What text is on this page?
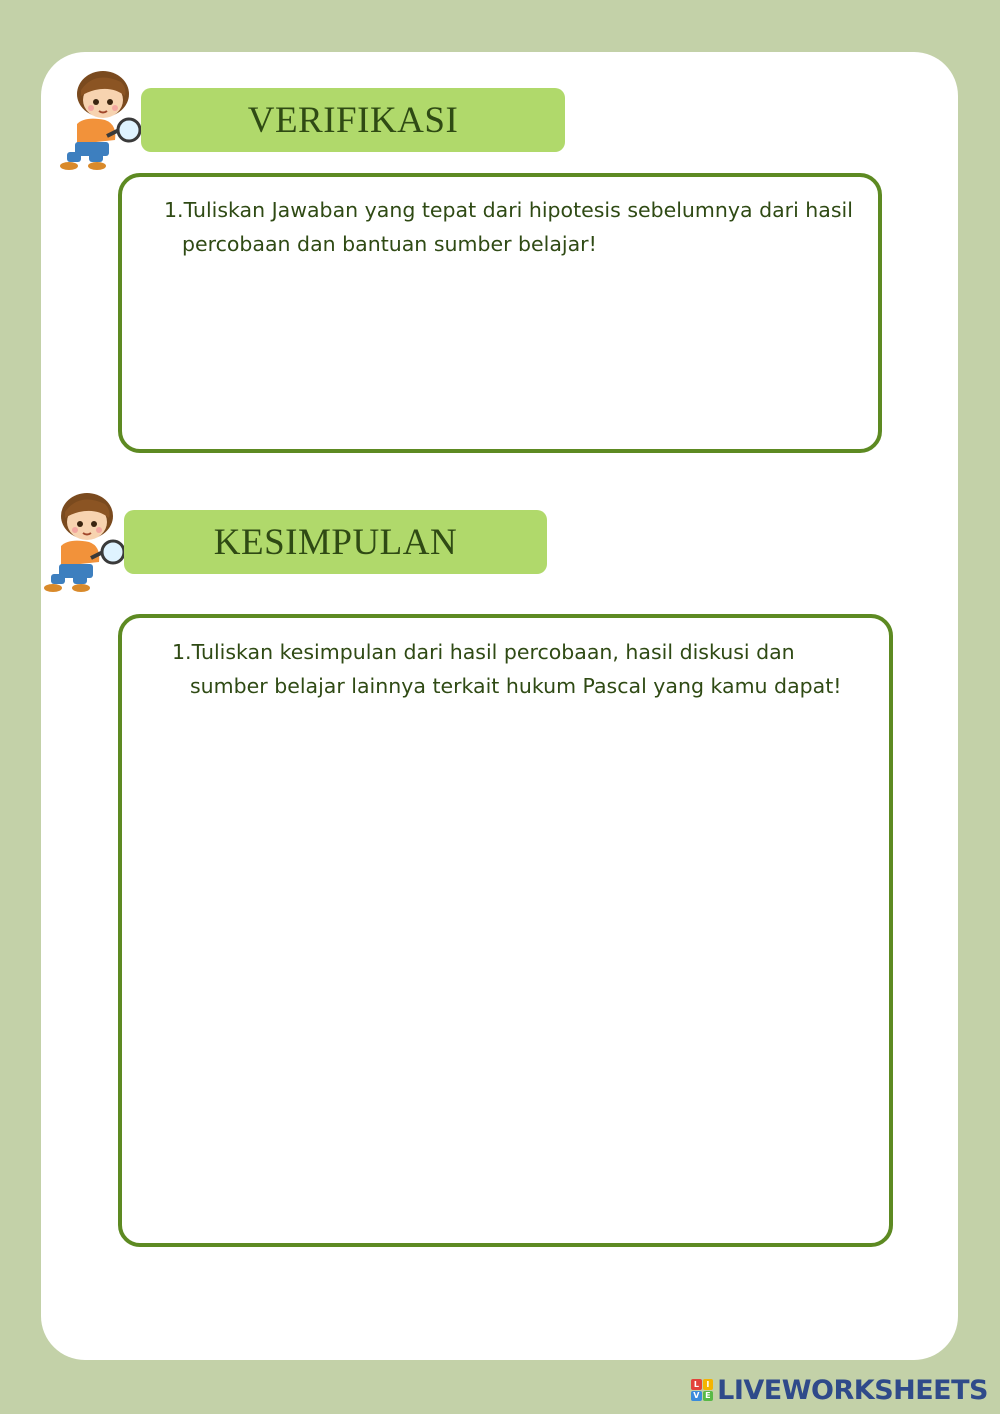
VERIFIKASI

1.Tuliskan Jawaban yang tepat dari hipotesis sebelumnya dari hasil percobaan dan bantuan sumber belajar!

KESIMPULAN

1.Tuliskan kesimpulan dari hasil percobaan, hasil diskusi dan sumber belajar lainnya terkait hukum Pascal yang kamu dapat!

L I
V E LIVEWORKSHEETS
